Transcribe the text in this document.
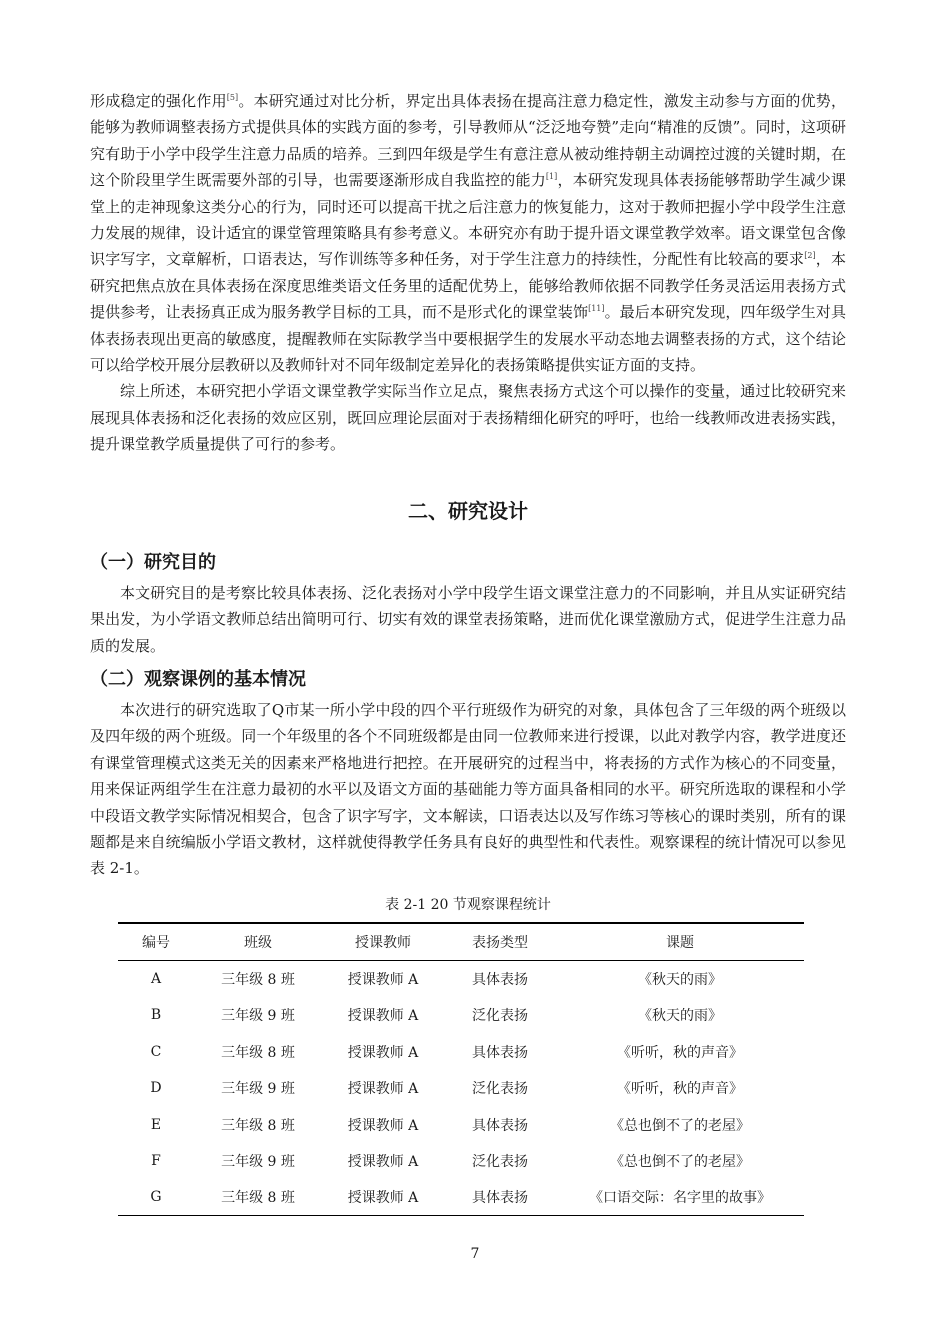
形成稳定的强化作用[5]。本研究通过对比分析，界定出具体表扬在提高注意力稳定性，激发主动参与方面的优势，能够为教师调整表扬方式提供具体的实践方面的参考，引导教师从“泛泛地夸赞”走向“精准的反馈”。同时，这项研究有助于小学中段学生注意力品质的培养。三到四年级是学生有意注意从被动维持朝主动调控过渡的关键时期，在这个阶段里学生既需要外部的引导，也需要逐渐形成自我监控的能力[1]，本研究发现具体表扬能够帮助学生减少课堂上的走神现象这类分心的行为，同时还可以提高干扰之后注意力的恢复能力，这对于教师把握小学中段学生注意力发展的规律，设计适宜的课堂管理策略具有参考意义。本研究亦有助于提升语文课堂教学效率。语文课堂包含像识字写字，文章解析，口语表达，写作训练等多种任务，对于学生注意力的持续性，分配性有比较高的要求[2]，本研究把焦点放在具体表扬在深度思维类语文任务里的适配优势上，能够给教师依据不同教学任务灵活运用表扬方式提供参考，让表扬真正成为服务教学目标的工具，而不是形式化的课堂装饰[11]。最后本研究发现，四年级学生对具体表扬表现出更高的敏感度，提醒教师在实际教学当中要根据学生的发展水平动态地去调整表扬的方式，这个结论可以给学校开展分层教研以及教师针对不同年级制定差异化的表扬策略提供实证方面的支持。

综上所述，本研究把小学语文课堂教学实际当作立足点，聚焦表扬方式这个可以操作的变量，通过比较研究来展现具体表扬和泛化表扬的效应区别，既回应理论层面对于表扬精细化研究的呼吁，也给一线教师改进表扬实践，提升课堂教学质量提供了可行的参考。

二、研究设计
（一）研究目的

本文研究目的是考察比较具体表扬、泛化表扬对小学中段学生语文课堂注意力的不同影响，并且从实证研究结果出发，为小学语文教师总结出简明可行、切实有效的课堂表扬策略，进而优化课堂激励方式，促进学生注意力品质的发展。

（二）观察课例的基本情况

本次进行的研究选取了Q市某一所小学中段的四个平行班级作为研究的对象，具体包含了三年级的两个班级以及四年级的两个班级。同一个年级里的各个不同班级都是由同一位教师来进行授课，以此对教学内容，教学进度还有课堂管理模式这类无关的因素来严格地进行把控。在开展研究的过程当中，将表扬的方式作为核心的不同变量，用来保证两组学生在注意力最初的水平以及语文方面的基础能力等方面具备相同的水平。研究所选取的课程和小学中段语文教学实际情况相契合，包含了识字写字，文本解读，口语表达以及写作练习等核心的课时类别，所有的课题都是来自统编版小学语文教材，这样就使得教学任务具有良好的典型性和代表性。观察课程的统计情况可以参见表 2-1。

表 2-1 20 节观察课程统计
编号	班级	授课教师	表扬类型	课题
A	三年级 8 班	授课教师 A	具体表扬	《秋天的雨》
B	三年级 9 班	授课教师 A	泛化表扬	《秋天的雨》
C	三年级 8 班	授课教师 A	具体表扬	《听听，秋的声音》
D	三年级 9 班	授课教师 A	泛化表扬	《听听，秋的声音》
E	三年级 8 班	授课教师 A	具体表扬	《总也倒不了的老屋》
F	三年级 9 班	授课教师 A	泛化表扬	《总也倒不了的老屋》
G	三年级 8 班	授课教师 A	具体表扬	《口语交际：名字里的故事》
7
